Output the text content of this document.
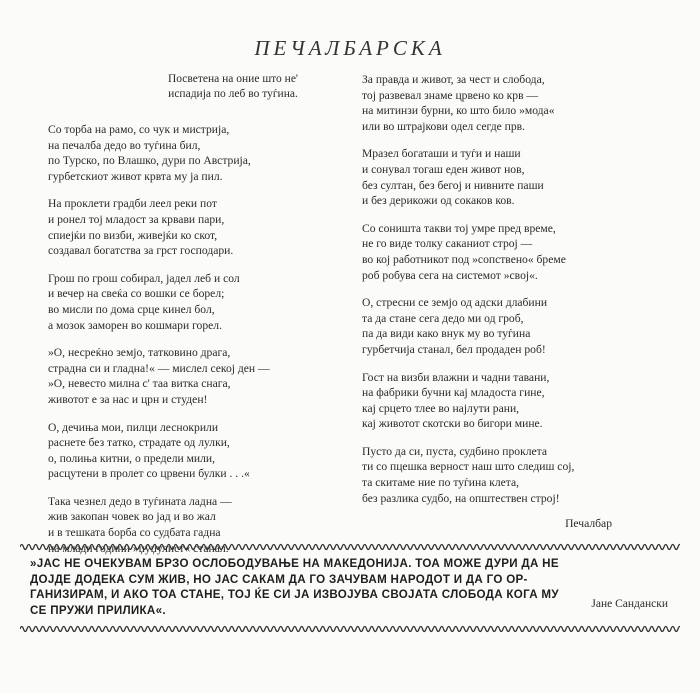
ПЕЧАЛБАРСКА
Посветена на оние што не'
испадија по леб во туѓина.
Со торба на рамо, со чук и мистрија,
на печалба дедо во туѓина бил,
по Турско, по Влашко, дури по Австрија,
гурбетскиот живот крвта му ја пил.
На проклети градби леел реки пот
и ронел тој младост за крвави пари,
спиејќи по визби, живејќи ко скот,
создавал богатства за грст господари.
Грош по грош собирал, јадел леб и сол
и вечер на свеќа со вошки се борел;
во мисли по дома срце кинел бол,
а мозок заморен во кошмари горел.
»О, несреќно земјо, татковино драга,
страдна си и гладна!« — мислел секој ден —
»О, невесто милна с' таа витка снага,
животот е за нас и црн и студен!
О, дечиња мои, пилци леснокрили
раснете без татко, страдате од лулки,
о, полиња китни, о предели мили,
расцутени в пролет со црвени булки . . .«
Така чезнел дедо в туѓината ладна —
жив закопан човек во јад и во жал
и в тешката борба со судбата гадна
на млади години »џуџулист« станал.
За правда и живот, за чест и слобода,
тој развевал знаме црвено ко крв —
на митинзи бурни, ко што било »мода«
или во штрајкови одел сегде прв.
Мразел богаташи и туѓи и наши
и сонувал тогаш еден живот нов,
без султан, без бегој и нивните паши
и без дерикожи од сокаков ков.
Со соништа такви тој умре пред време,
не го виде толку саканиот строј —
во кој работникот под »сопствено« бреме
роб робува сега на системот »свој«.
О, стресни се земјо од адски длабини
та да стане сега дедо ми од гроб,
па да види како внук му во туѓина
гурбетчија станал, бел продаден роб!
Гост на визби влажни и чадни тавани,
на фабрики бучни кај младоста гине,
кај срцето тлее во најлути рани,
кај животот скотски во бигори мине.
Пусто да си, пуста, судбино проклета
ти со пцешка верност наш што следиш сој,
та скитаме ние по туѓина клета,
без разлика судбо, на општествен строј!
Печалбар
»ЈАС НЕ ОЧЕКУВАМ БРЗО ОСЛОБОДУВАЊЕ НА МАКЕДОНИЈА. ТОА МОЖЕ ДУРИ ДА НЕ
ДОЈДЕ ДОДЕКА СУМ ЖИВ, НО ЈАС САКАМ ДА ГО ЗАЧУВАМ НАРОДОТ И ДА ГО ОР-
ГАНИЗИРАМ, И АКО ТОА СТАНЕ, ТОЈ ЌЕ СИ ЈА ИЗВОЈУВА СВОЈАТА СЛОБОДА КОГА МУ
СЕ ПРУЖИ ПРИЛИКА«.	Јане Сандански
